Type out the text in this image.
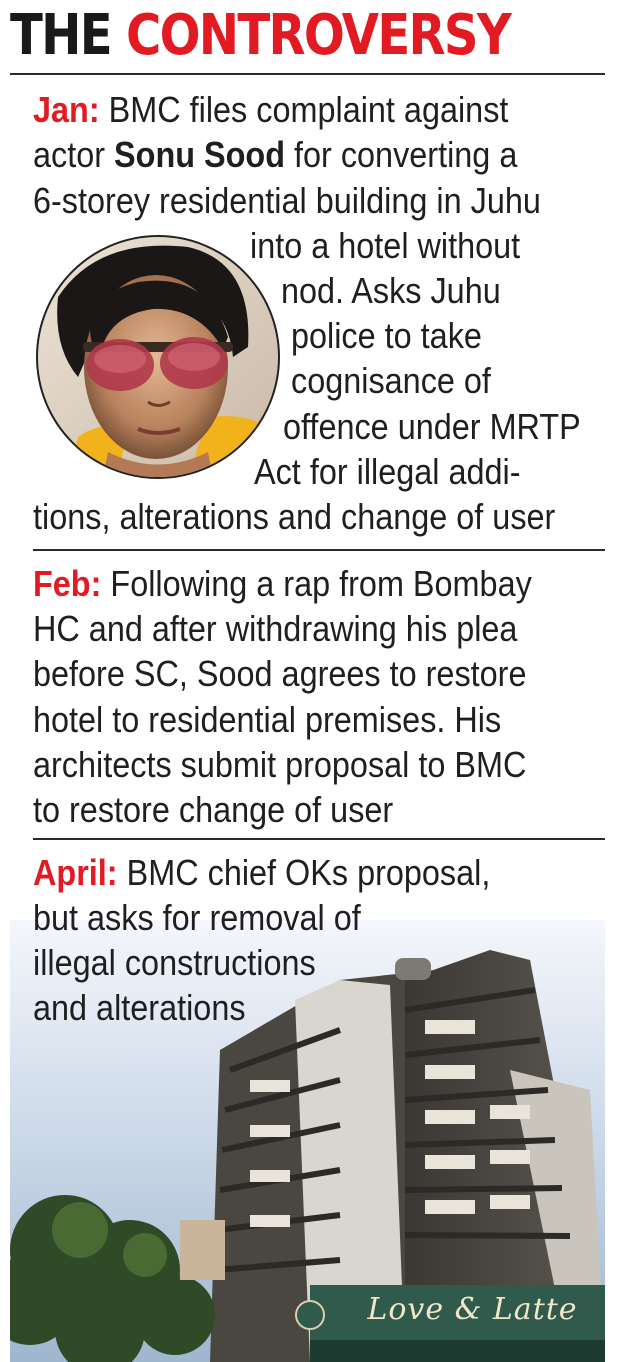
THE CONTROVERSY
Jan: BMC files complaint against
actor Sonu Sood for converting a
6-storey residential building in Juhu
into a hotel without
nod. Asks Juhu
police to take
cognisance of
offence under MRTP
Act for illegal addi-
tions, alterations and change of user
Feb: Following a rap from Bombay
HC and after withdrawing his plea
before SC, Sood agrees to restore
hotel to residential premises. His
architects submit proposal to BMC
to restore change of user
Love & Latte
April: BMC chief OKs proposal,
but asks for removal of
illegal constructions
and alterations
